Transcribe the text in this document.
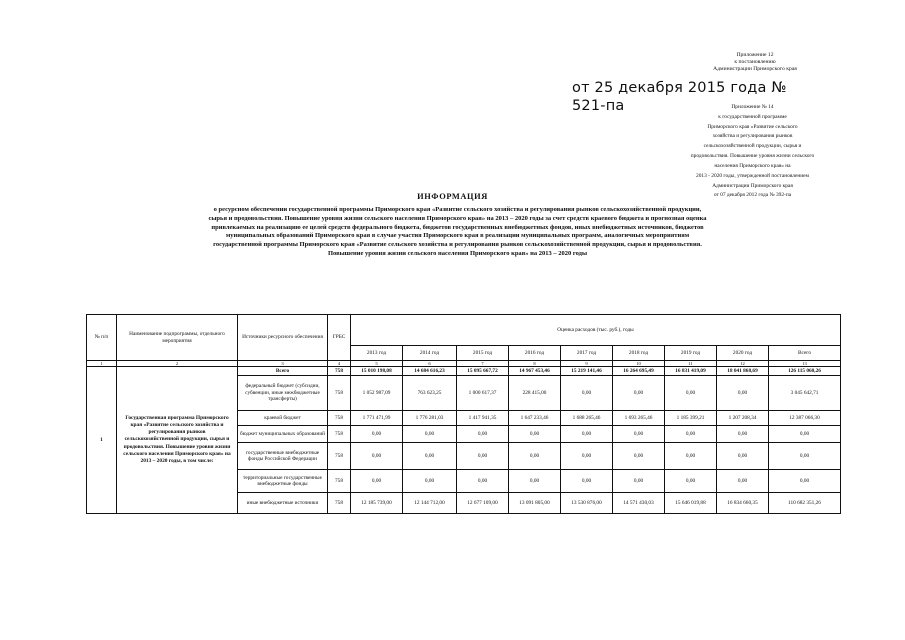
Приложение 12
к постановлению
Администрации Приморского края
от 25 декабря 2015 года № 521-па	Приложение № 14
к государственной программе
Приморского края «Развитие сельского
хозяйства и регулирования рынков
сельскохозяйственной продукции, сырья и
продовольствия. Повышение уровня жизни сельского
населения Приморского края» на
2013 - 2020 годы, утвержденной постановлением
Администрации Приморского края
от 07 декабря 2012 года № 392-па
ИНФОРМАЦИЯ
о ресурсном обеспечении государственной программы Приморского края «Развитие сельского хозяйства и регулирования рынков сельскохозяйственной продукции, сырья и продовольствия. Повышение уровня жизни сельского населения Приморского края» на 2013 – 2020 годы за счет средств краевого бюджета и прогнозная оценка привлекаемых на реализацию ее целей средств федерального бюджета, бюджетов государственных внебюджетных фондов, иных внебюджетных источников, бюджетов муниципальных образований Приморского края в случае участия Приморского края в реализации муниципальных программ, аналогичных мероприятиям государственной программы Приморского края «Развитие сельского хозяйства и регулирования рынков сельскохозяйственной продукции, сырья и продовольствия. Повышение уровня жизни сельского населения Приморского края» на 2013 – 2020 годы
№ п/п	Наименование подпрограммы, отдельного мероприятия	Источники ресурсного обеспечения	ГРБС	Оценка расходов (тыс. руб.), годы								
				2013 год	2014 год	2015 год	2016 год	2017 год	2018 год	2019 год	2020 год	Всего
1	2	3	4	5	6	7	8	9	10	11	12	13
1	Государственная программа Приморского края «Развитие сельского хозяйства и регулирования рынков сельскохозяйственной продукции, сырья и продовольствия. Повышение уровня жизни сельского населения Приморского края» на 2013 – 2020 годы, в том числе:	Всего	758	15 010 198,08	14 684 616,23	15 095 667,72	14 967 453,46	15 219 141,46	16 264 695,49	16 831 419,09	18 041 868,69	126 115 060,26
		федеральный бюджет (субсидии, субвенции, иные межбюджетные трансферты)	758	1 052 987,09	763 623,25	1 000 617,37	228 415,00	0,00	0,00	0,00	0,00	3 045 642,71
		краевой бюджет	758	1 771 471,99	1 776 281,03	1 417 941,35	1 647 233,46	1 688 265,46	1 693 265,46	1 185 399,21	1 207 208,34	12 387 066,30
		бюджет муниципальных образований	758	0,00	0,00	0,00	0,00	0,00	0,00	0,00	0,00	0,00
		государственные внебюджетные фонды Российской Федерации	758	0,00	0,00	0,00	0,00	0,00	0,00	0,00	0,00	0,00
		территориальные государственные внебюджетные фонды	758	0,00	0,00	0,00	0,00	0,00	0,00	0,00	0,00	0,00
		иные внебюджетные источники	758	12 185 739,00	12 144 712,00	12 677 109,00	13 091 805,00	13 530 876,00	14 571 430,03	15 646 019,88	16 834 660,35	110 682 351,26
